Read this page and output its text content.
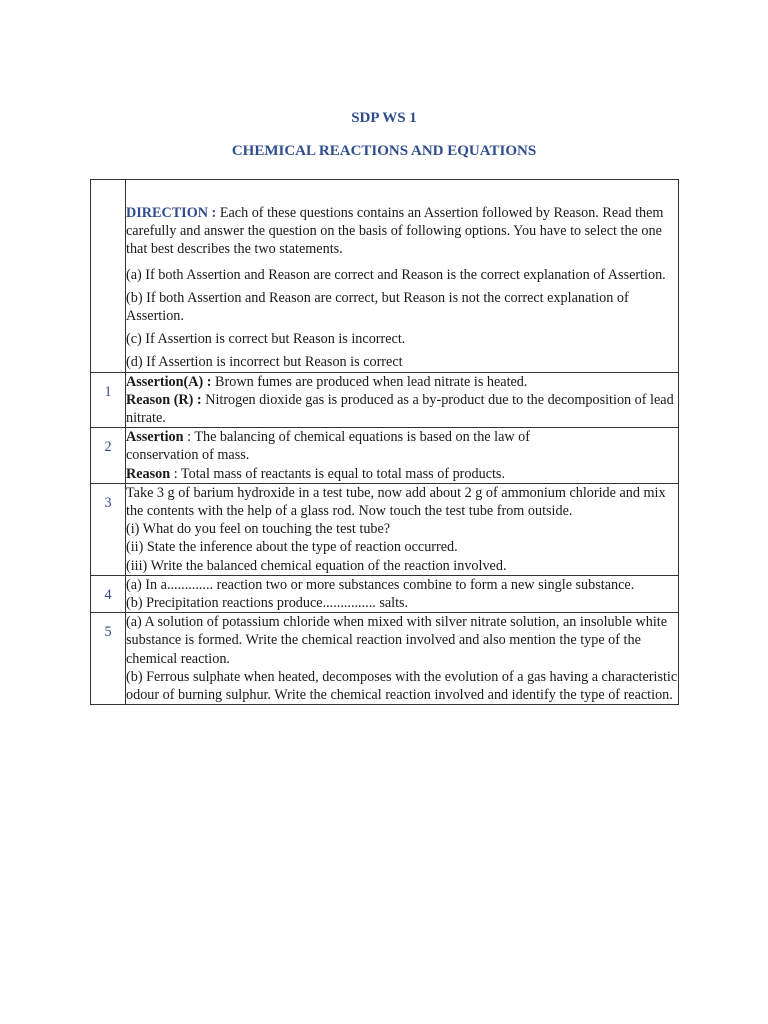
SDP WS 1
CHEMICAL REACTIONS AND EQUATIONS

	DIRECTION : Each of these questions contains an Assertion followed by Reason. Read them carefully and answer the question on the basis of following options. You have to select the one that best describes the two statements.
(a) If both Assertion and Reason are correct and Reason is the correct explanation of Assertion.
(b) If both Assertion and Reason are correct, but Reason is not the correct explanation of Assertion.
(c) If Assertion is correct but Reason is incorrect.
(d) If Assertion is incorrect but Reason is correct

1	Assertion(A) : Brown fumes are produced when lead nitrate is heated.
Reason (R) : Nitrogen dioxide gas is produced as a by-product due to the decomposition of lead nitrate.

2	Assertion : The balancing of chemical equations is based on the law of conservation of mass.
Reason : Total mass of reactants is equal to total mass of products.

3	Take 3 g of barium hydroxide in a test tube, now add about 2 g of ammonium chloride and mix the contents with the help of a glass rod. Now touch the test tube from outside.
(i) What do you feel on touching the test tube?
(ii) State the inference about the type of reaction occurred.
(iii) Write the balanced chemical equation of the reaction involved.

4	(a) In a............. reaction two or more substances combine to form a new single substance.
(b) Precipitation reactions produce............... salts.

5	(a) A solution of potassium chloride when mixed with silver nitrate solution, an insoluble white substance is formed. Write the chemical reaction involved and also mention the type of the chemical reaction.
(b) Ferrous sulphate when heated, decomposes with the evolution of a gas having a characteristic odour of burning sulphur. Write the chemical reaction involved and identify the type of reaction.
